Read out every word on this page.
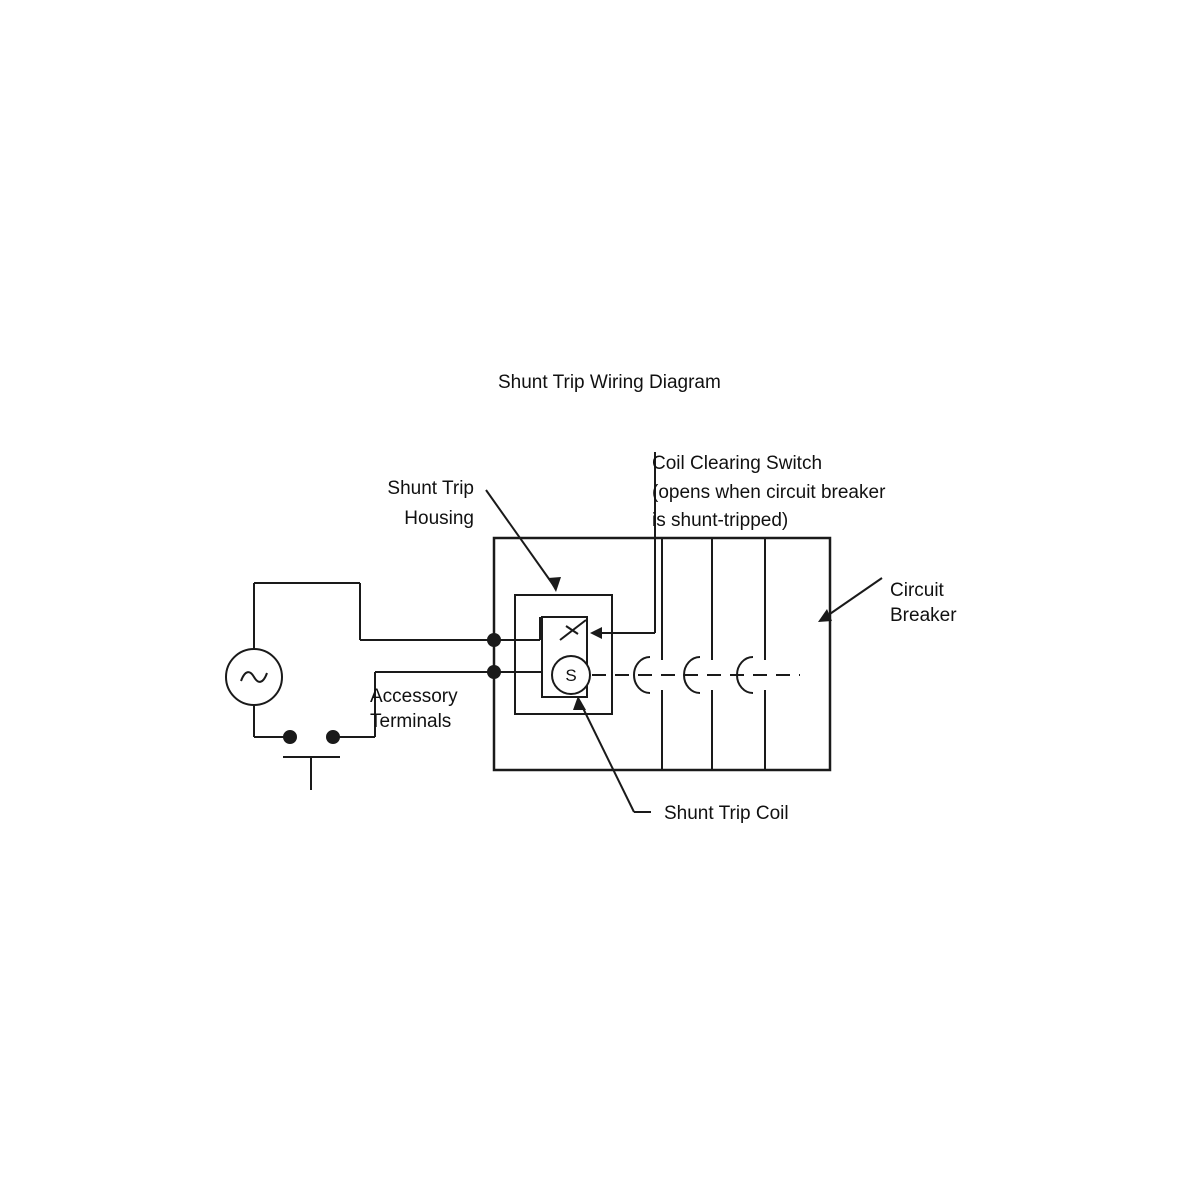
Shunt Trip Wiring Diagram
S
Shunt Trip
Housing
Coil Clearing Switch
(opens when circuit breaker
is shunt-tripped)
Circuit
Breaker
Accessory
Terminals
Shunt Trip Coil
